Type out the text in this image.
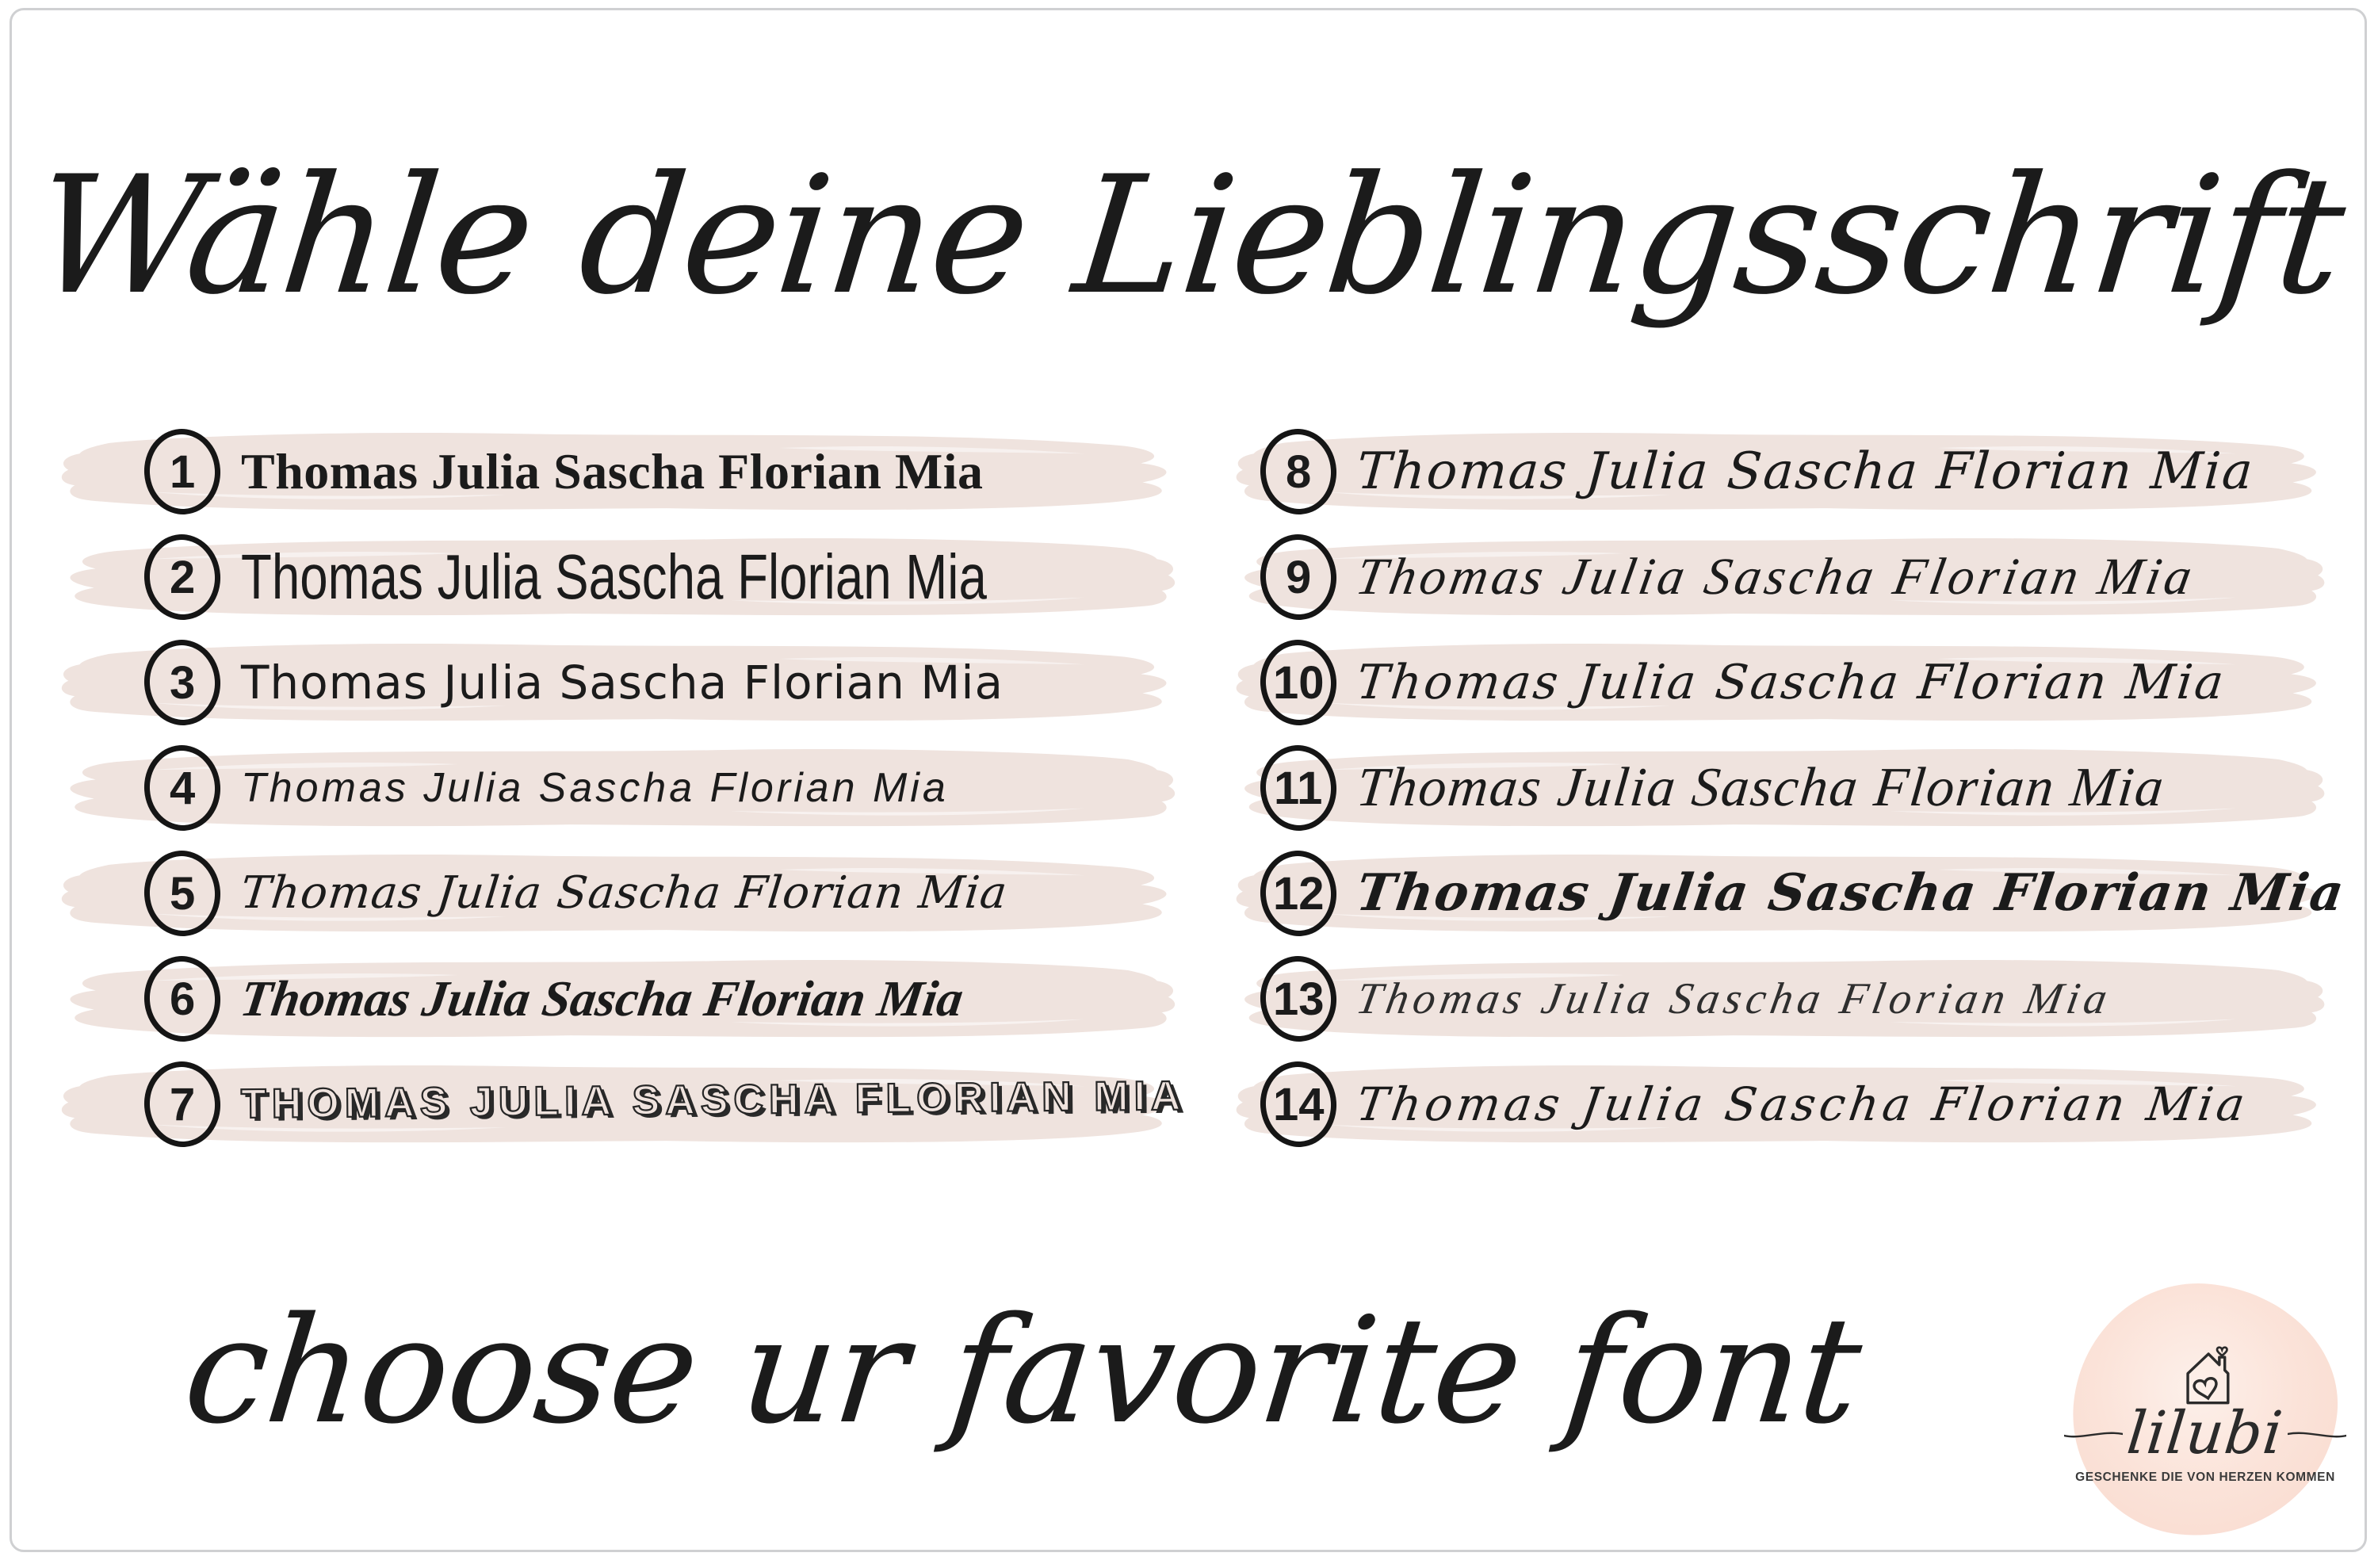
Wähle deine Lieblingsschrift
1 Thomas Julia Sascha Florian Mia
2 Thomas Julia Sascha Florian Mia
3 Thomas Julia Sascha Florian Mia
4 Thomas Julia Sascha Florian Mia
5 Thomas Julia Sascha Florian Mia
6 Thomas Julia Sascha Florian Mia
7 THOMAS JULIA SASCHA FLORIAN MIA
8 Thomas Julia Sascha Florian Mia
9 Thomas Julia Sascha Florian Mia
10 Thomas Julia Sascha Florian Mia
11 Thomas Julia Sascha Florian Mia
12 Thomas Julia Sascha Florian Mia
13 Thomas Julia Sascha Florian Mia
14 Thomas Julia Sascha Florian Mia
choose ur favorite font	lilubi
GESCHENKE DIE VON HERZEN KOMMEN
